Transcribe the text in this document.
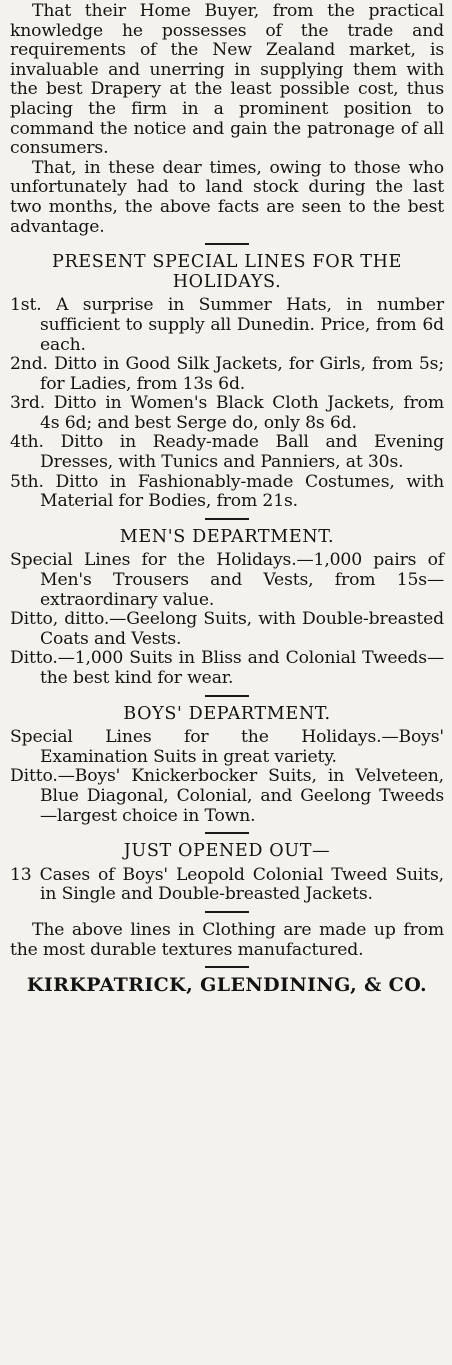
That their Home Buyer, from the practical knowledge he possesses of the trade and requirements of the New Zealand market, is invaluable and unerring in supplying them with the best Drapery at the least possible cost, thus placing the firm in a prominent position to command the notice and gain the patronage of all consumers.

That, in these dear times, owing to those who unfortunately had to land stock during the last two months, the above facts are seen to the best advantage.

PRESENT SPECIAL LINES FOR THE HOLIDAYS.

1st. A surprise in Summer Hats, in number sufficient to supply all Dunedin. Price, from 6d each.

2nd. Ditto in Good Silk Jackets, for Girls, from 5s; for Ladies, from 13s 6d.

3rd. Ditto in Women's Black Cloth Jackets, from 4s 6d; and best Serge do, only 8s 6d.

4th. Ditto in Ready-made Ball and Evening Dresses, with Tunics and Panniers, at 30s.

5th. Ditto in Fashionably-made Costumes, with Material for Bodies, from 21s.

MEN'S DEPARTMENT.

Special Lines for the Holidays.—1,000 pairs of Men's Trousers and Vests, from 15s—extraordinary value.

Ditto, ditto.—Geelong Suits, with Double-breasted Coats and Vests.

Ditto.—1,000 Suits in Bliss and Colonial Tweeds—the best kind for wear.

BOYS' DEPARTMENT.

Special Lines for the Holidays.—Boys' Examination Suits in great variety.

Ditto.—Boys' Knickerbocker Suits, in Velveteen, Blue Diagonal, Colonial, and Geelong Tweeds—largest choice in Town.

JUST OPENED OUT—

13 Cases of Boys' Leopold Colonial Tweed Suits, in Single and Double-breasted Jackets.

The above lines in Clothing are made up from the most durable textures manufactured.

KIRKPATRICK, GLENDINING, & CO.
